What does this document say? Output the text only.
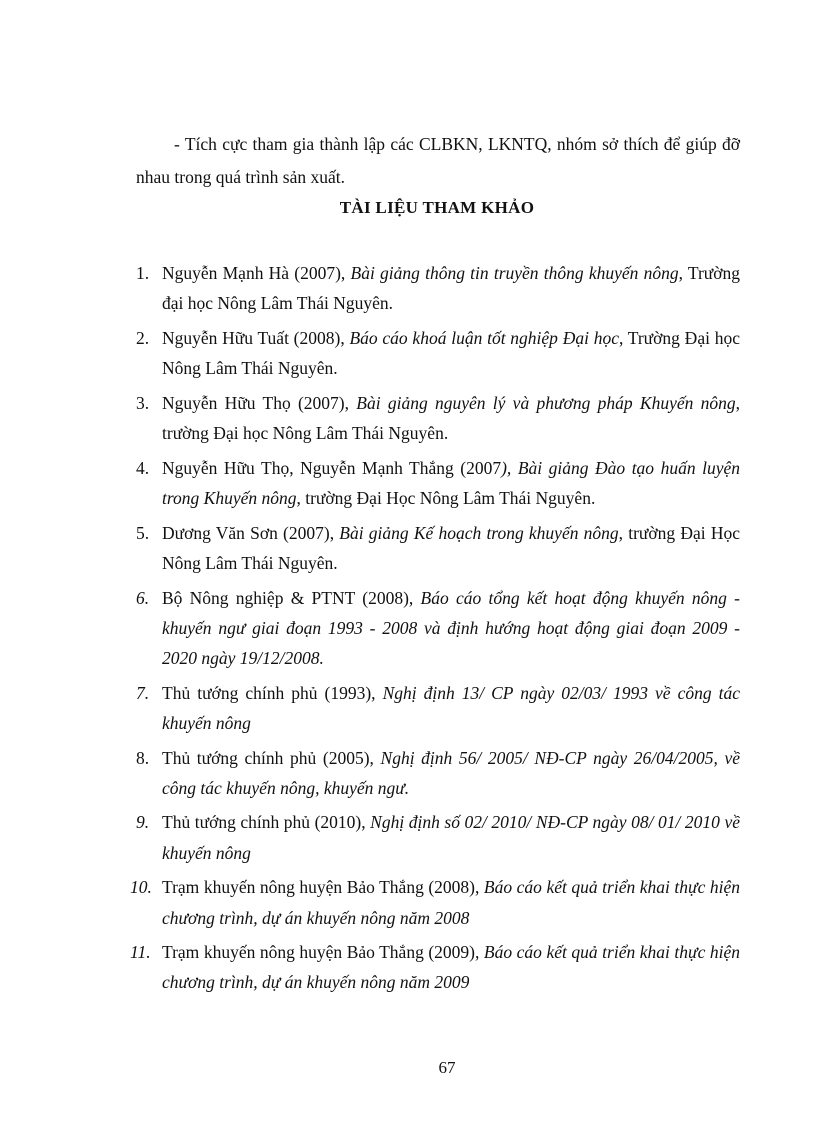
- Tích cực tham gia thành lập các CLBKN, LKNTQ, nhóm sở thích để giúp đỡ nhau trong quá trình sản xuất.

TÀI LIỆU THAM KHẢO
1. Nguyễn Mạnh Hà (2007), Bài giảng thông tin truyền thông khuyến nông, Trường đại học Nông Lâm Thái Nguyên.
2. Nguyễn Hữu Tuất (2008), Báo cáo khoá luận tốt nghiệp Đại học, Trường Đại học Nông Lâm Thái Nguyên.
3. Nguyễn Hữu Thọ (2007), Bài giảng nguyên lý và phương pháp Khuyến nông, trường Đại học Nông Lâm Thái Nguyên.
4. Nguyễn Hữu Thọ, Nguyễn Mạnh Thắng (2007), Bài giảng Đào tạo huấn luyện trong Khuyến nông, trường Đại Học Nông Lâm Thái Nguyên.
5. Dương Văn Sơn (2007), Bài giảng Kế hoạch trong khuyến nông, trường Đại Học Nông Lâm Thái Nguyên.
6. Bộ Nông nghiệp & PTNT (2008), Báo cáo tổng kết hoạt động khuyến nông - khuyến ngư giai đoạn 1993 - 2008 và định hướng hoạt động giai đoạn 2009 - 2020 ngày 19/12/2008.
7. Thủ tướng chính phủ (1993), Nghị định 13/ CP ngày 02/03/ 1993 về công tác khuyến nông
8. Thủ tướng chính phủ (2005), Nghị định 56/ 2005/ NĐ-CP ngày 26/04/2005, về công tác khuyến nông, khuyến ngư.
9. Thủ tướng chính phủ (2010), Nghị định số 02/ 2010/ NĐ-CP ngày 08/ 01/ 2010 về khuyến nông
10. Trạm khuyến nông huyện Bảo Thắng (2008), Báo cáo kết quả triển khai thực hiện chương trình, dự án khuyến nông năm 2008
11. Trạm khuyến nông huyện Bảo Thắng (2009), Báo cáo kết quả triển khai thực hiện chương trình, dự án khuyến nông năm 2009
67
